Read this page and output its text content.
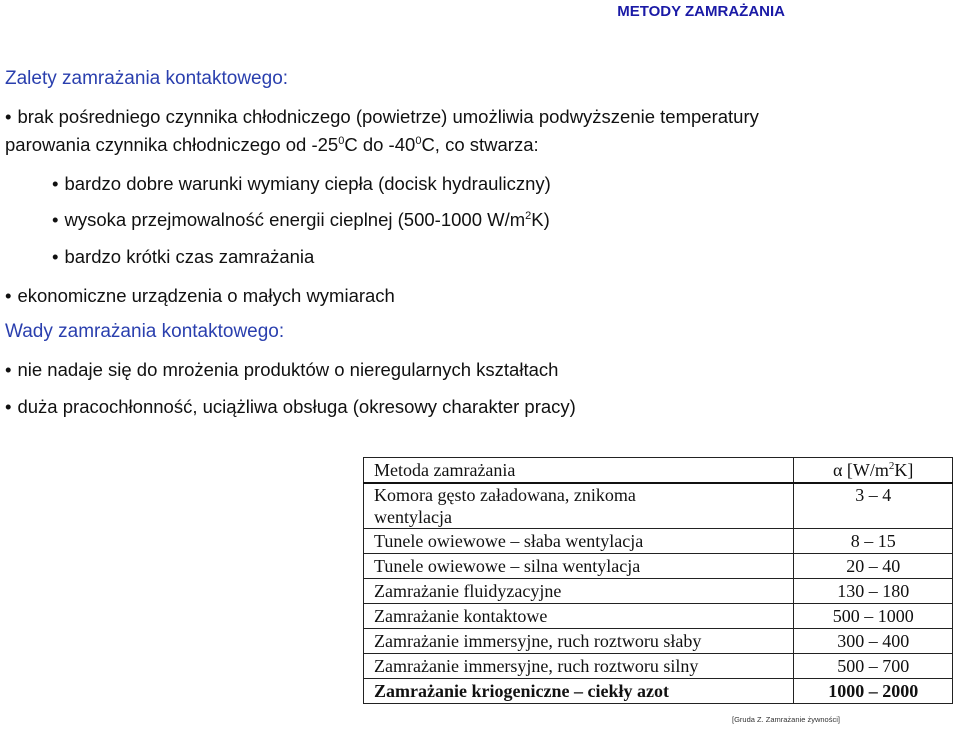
METODY ZAMRAŻANIA
Zalety zamrażania kontaktowego:
• brak pośredniego czynnika chłodniczego (powietrze) umożliwia podwyższenie temperatury
parowania czynnika chłodniczego od $-25^0C$ do $-40^0C$, co stwarza:
• bardzo dobre warunki wymiany ciepła (docisk hydrauliczny)
• wysoka przejmowalność energii cieplnej (500-1000 $W/m^2K$)
• bardzo krótki czas zamrażania
• ekonomiczne urządzenia o małych wymiarach
Wady zamrażania kontaktowego:
• nie nadaje się do mrożenia produktów o nieregularnych kształtach
• duża pracochłonność, uciążliwa obsługa (okresowy charakter pracy)
Metoda zamrażania	α $[W/m^2K]$

Komora gęsto załadowana, znikoma
wentylacja	3 – 4
Tunele owiewowe – słaba wentylacja	8 – 15
Tunele owiewowe – silna wentylacja	20 – 40
Zamrażanie fluidyzacyjne	130 – 180
Zamrażanie kontaktowe	500 – 1000
Zamrażanie immersyjne, ruch roztworu słaby	300 – 400
Zamrażanie immersyjne, ruch roztworu silny	500 – 700
Zamrażanie kriogeniczne – ciekły azot	1000 – 2000
[Gruda Z. Zamrażanie żywności]
